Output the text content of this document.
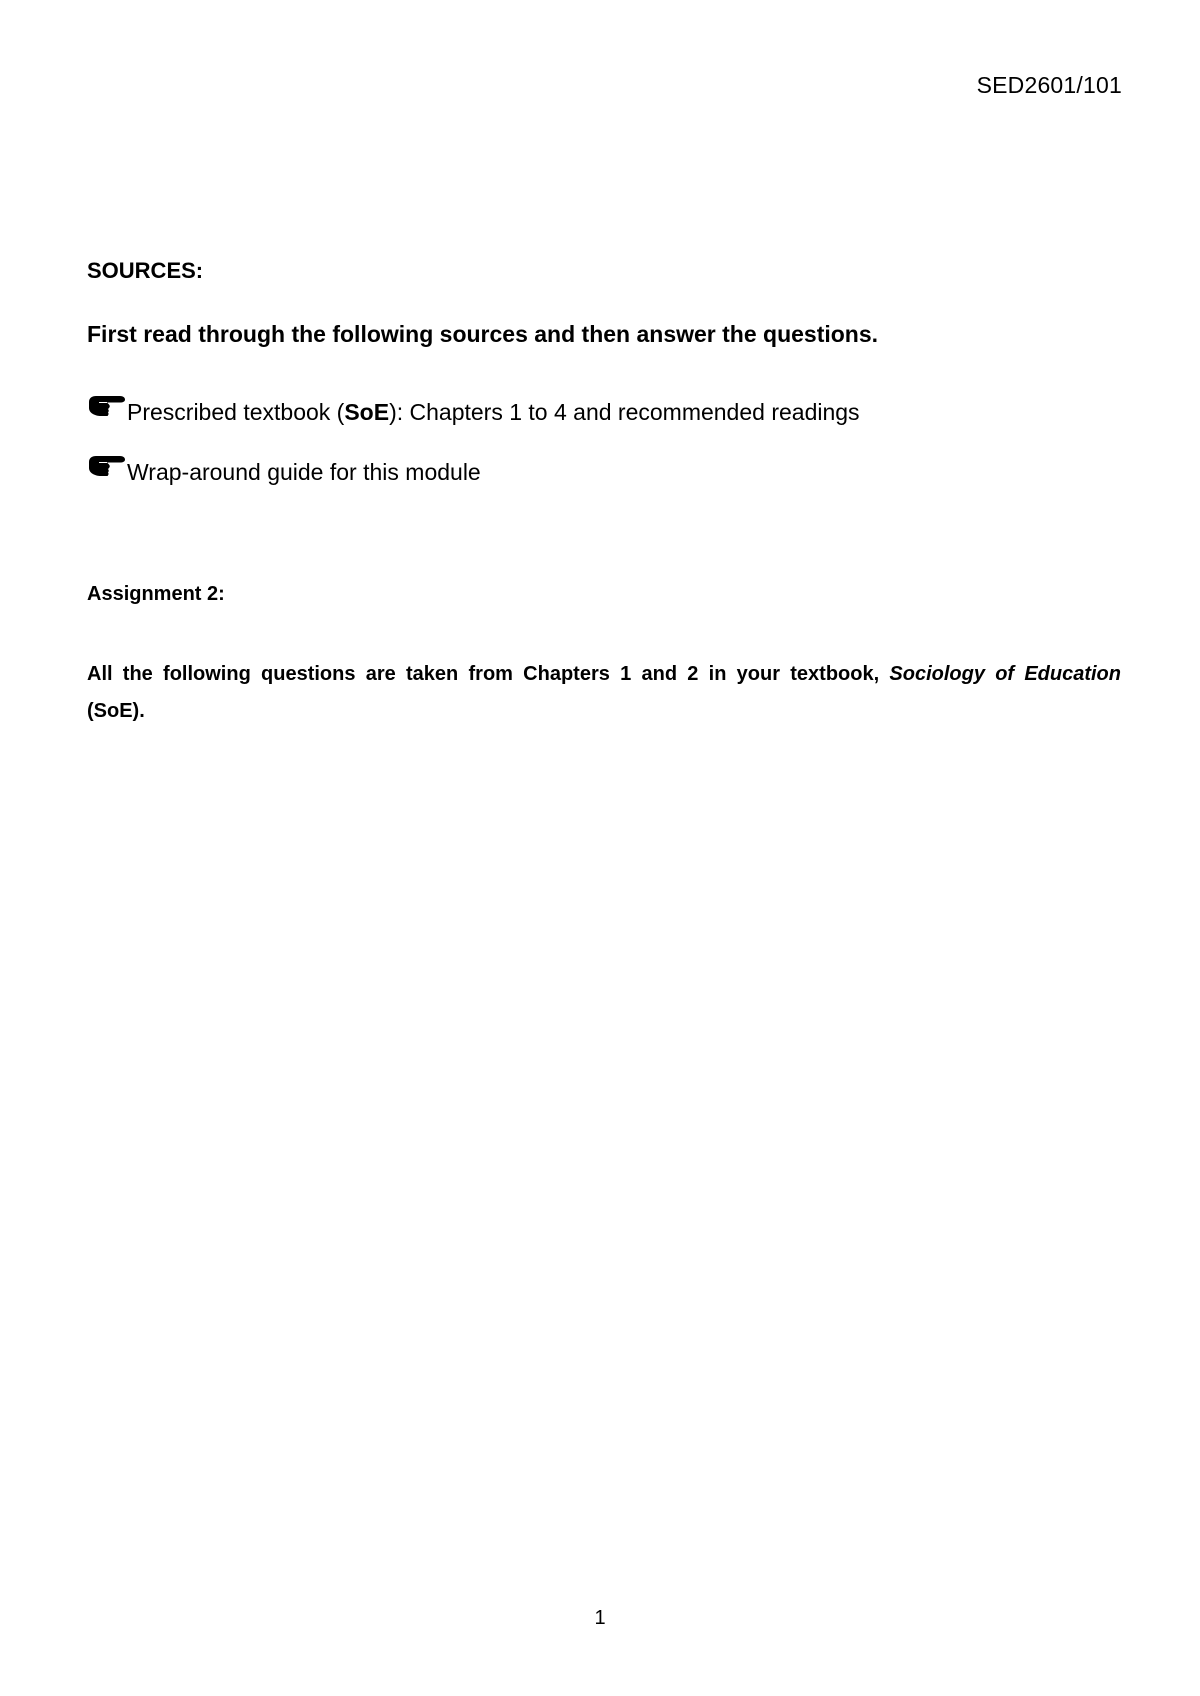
SED2601/101
SOURCES:
First read through the following sources and then answer the questions.
Prescribed textbook (SoE): Chapters 1 to 4 and recommended readings
Wrap-around guide for this module
Assignment 2:
All the following questions are taken from Chapters 1 and 2 in your textbook, Sociology of Education (SoE).
1
